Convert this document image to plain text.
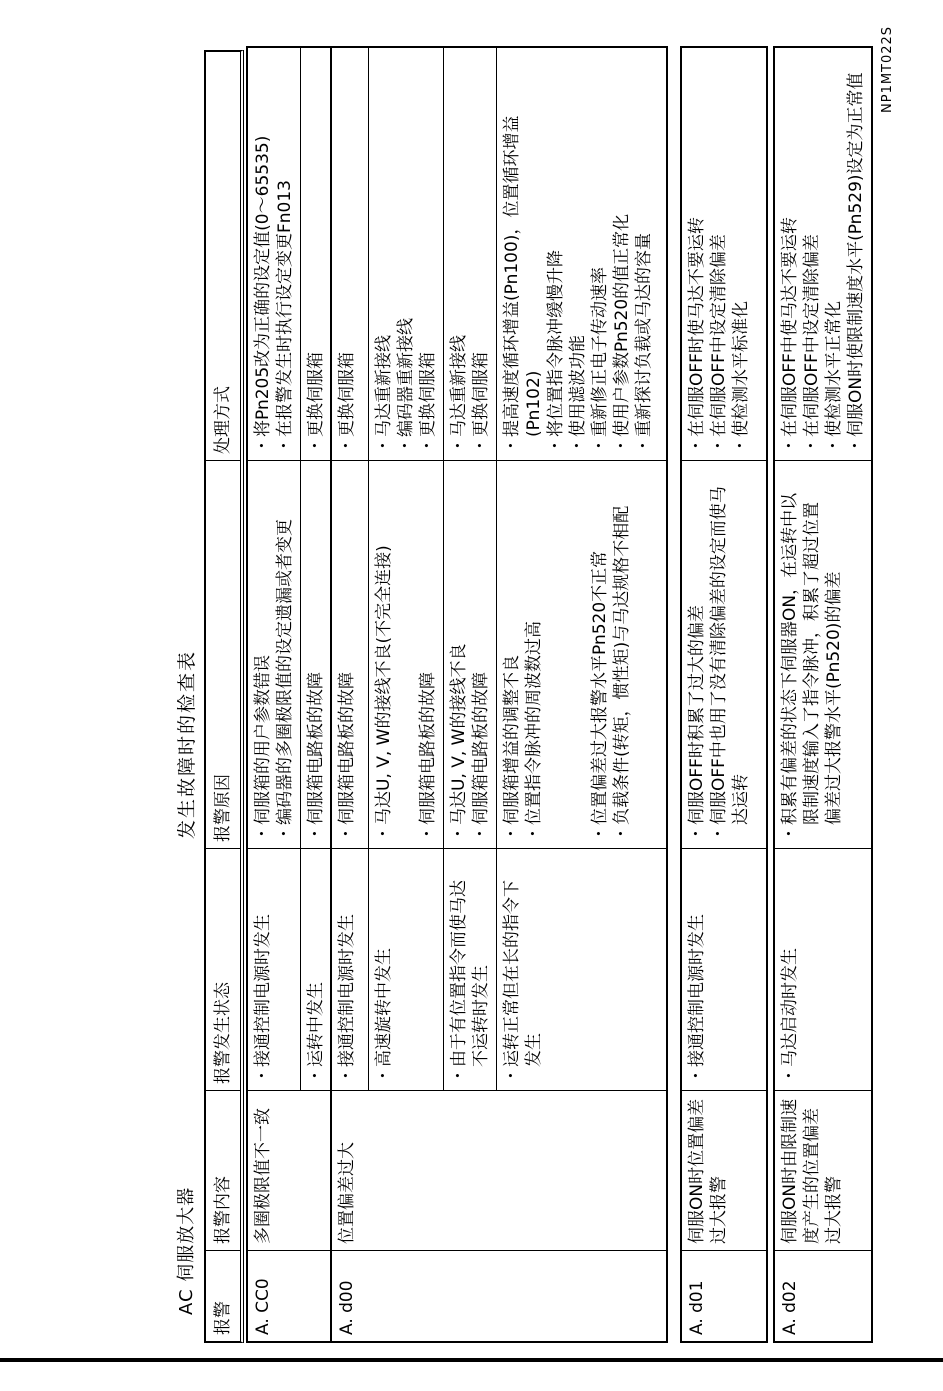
AC 伺服放大器
发生故障时的检查表
NP1MT022S
报警
报警内容
报警发生状态
报警原因
处理方式
A. CC0
多圈极限值不一致
・接通控制电源时发生
・伺服箱的用户参数错误 ・编码器的多圈极限值的设定遗漏或者变更
・将Pn205改为正确的设定值(0～65535) ・在报警发生时执行设定变更Fn013
・运转中发生
・伺服箱电路板的故障
・更换伺服箱
A. d00
位置偏差过大
・接通控制电源时发生
・伺服箱电路板的故障
・更换伺服箱
・高速旋转中发生
・马达U, V, W的接线不良(不完全连接)
・伺服箱电路板的故障
・马达重新接线 ・编码器重新接线 ・更换伺服箱
・由于有位置指令而使马达 　不运转时发生
・马达U, V, W的接线不良 ・伺服箱电路板的故障
・马达重新接线 ・更换伺服箱
・运转正常但在长的指令下 　发生
・伺服箱增益的调整不良 ・位置指令脉冲的周波数过高

	・位置偏差过大报警水平Pn520不正常 ・负载条件(转矩，惯性矩)与马达规格不相配
・提高速度循环增益(Pn100)，位置循环增益 　(Pn102) ・将位置指令脉冲缓慢升降 ・使用滤波功能 ・重新修正电子传动速率 ・使用户参数Pn520的值正常化 ・重新探讨负载或马达的容量
A. d01
伺服ON时位置偏差 过大报警
・接通控制电源时发生
・伺服OFF时积累了过大的偏差 ・伺服OFF中也用了没有清除偏差的设定而使马 　达运转
・在伺服OFF时使马达不要运转 ・在伺服OFF中设定清除偏差 ・使检测水平标准化
A. d02
伺服ON时由限制速 度产生的位置偏差 过大报警
・马达启动时发生
・积累有偏差的状态下伺服器ON，在运转中以 　限制速度输入了指令脉冲，积累了超过位置 　偏差过大报警水平(Pn520)的偏差
・在伺服OFF中使马达不要运转 ・在伺服OFF中设定清除偏差 ・使检测水平正常化 ・伺服ON时使限制速度水平(Pn529)设定为正常值
